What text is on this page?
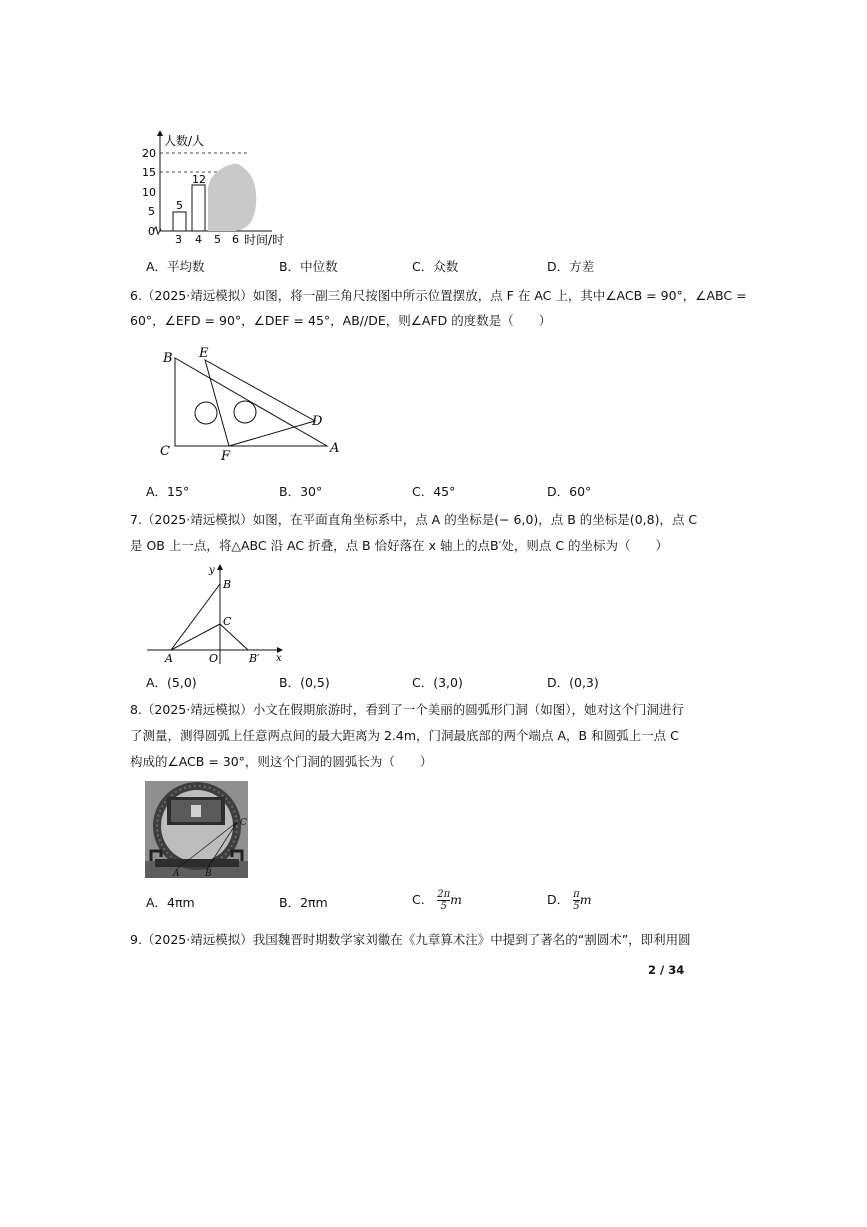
0
5
10
15
20
5
12
3 4 5 6
人数/人
时间/时
A．平均数	B．中位数	C．众数	D．方差
6.（2025·靖远模拟）如图，将一副三角尺按图中所示位置摆放，点 F 在 AC 上，其中∠ACB = 90°，∠ABC =
60°，∠EFD = 90°，∠DEF = 45°，AB//DE，则∠AFD 的度数是（　　）
B E
C	F
D
A
A．15°	B．30°	C．45°	D．60°
7.（2025·靖远模拟）如图，在平面直角坐标系中，点 A 的坐标是(− 6,0)，点 B 的坐标是(0,8)，点 C
是 OB 上一点，将△ABC 沿 AC 折叠，点 B 恰好落在 x 轴上的点B′处，则点 C 的坐标为（　　）
y
B
C
A	O	B′ x
A．(5,0)	B．(0,5)	C．(3,0)	D．(0,3)
8.（2025·靖远模拟）小文在假期旅游时，看到了一个美丽的圆弧形门洞（如图），她对这个门洞进行
了测量，测得圆弧上任意两点间的最大距离为 2.4m，门洞最底部的两个端点 A，B 和圆弧上一点 C
构成的∠ACB = 30°，则这个门洞的圆弧长为（　　）
C
A	B
A．4πm	B．2πm	C． $\frac{2\pi}{5}$ m	D． $\frac{\pi}{5}$ m
9.（2025·靖远模拟）我国魏晋时期数学家刘徽在《九章算术注》中提到了著名的“割圆术”，即利用圆
2 / 34
